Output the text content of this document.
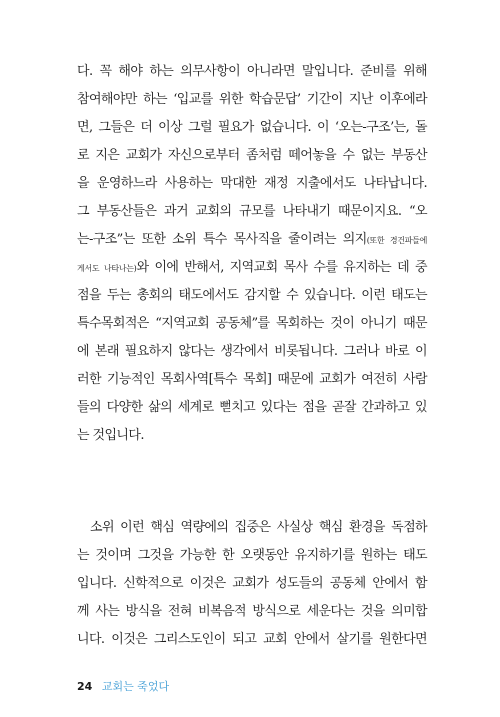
다. 꼭 해야 하는 의무사항이 아니라면 말입니다. 준비를 위해
참여해야만 하는 ‘입교를 위한 학습문답’ 기간이 지난 이후에라
면, 그들은 더 이상 그럴 필요가 없습니다. 이 ‘오는-구조’는, 돌
로 지은 교회가 자신으로부터 좀처럼 떼어놓을 수 없는 부동산
을 운영하느라 사용하는 막대한 재정 지출에서도 나타납니다.
그 부동산들은 과거 교회의 규모를 나타내기 때문이지요. “오
는-구조”는 또한 소위 특수 목사직을 줄이려는 의지(또한 경건파들에
게서도 나타나는)와 이에 반해서, 지역교회 목사 수를 유지하는 데 중
점을 두는 총회의 태도에서도 감지할 수 있습니다. 이런 태도는
특수목회적은 “지역교회 공동체”를 목회하는 것이 아니기 때문
에 본래 필요하지 않다는 생각에서 비롯됩니다. 그러나 바로 이
러한 기능적인 목회사역[특수 목회] 때문에 교회가 여전히 사람
들의 다양한 삶의 세계로 뻗치고 있다는 점을 곧잘 간과하고 있
는 것입니다.
소위 이런 핵심 역량에의 집중은 사실상 핵심 환경을 독점하
는 것이며 그것을 가능한 한 오랫동안 유지하기를 원하는 태도
입니다. 신학적으로 이것은 교회가 성도들의 공동체 안에서 함
께 사는 방식을 전혀 비복음적 방식으로 세운다는 것을 의미합
니다. 이것은 그리스도인이 되고 교회 안에서 살기를 원한다면
24 교회는 죽었다
